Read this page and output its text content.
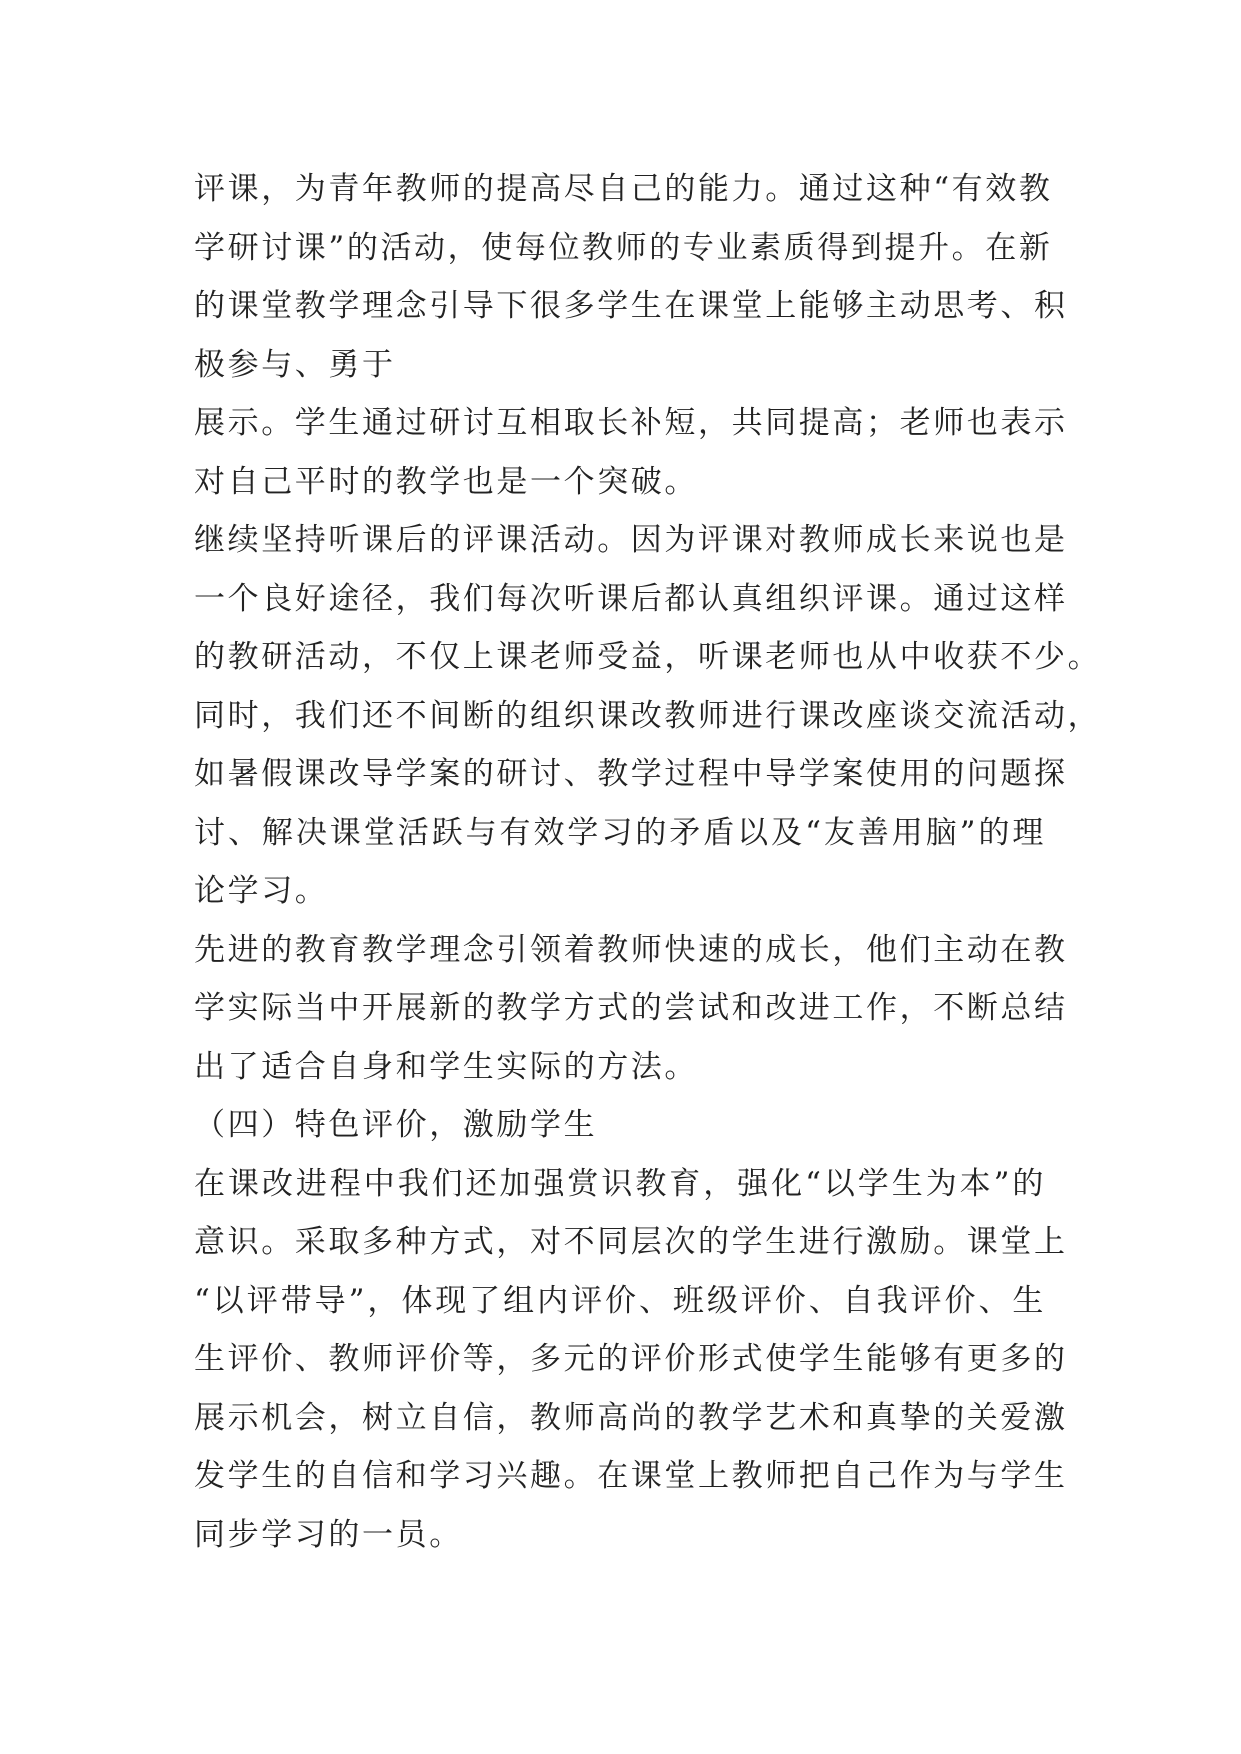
评课，为青年教师的提高尽自己的能力。通过这种“有效教
学研讨课”的活动，使每位教师的专业素质得到提升。在新
的课堂教学理念引导下很多学生在课堂上能够主动思考、积
极参与、勇于
展示。学生通过研讨互相取长补短，共同提高；老师也表示
对自己平时的教学也是一个突破。
继续坚持听课后的评课活动。因为评课对教师成长来说也是
一个良好途径，我们每次听课后都认真组织评课。通过这样
的教研活动，不仅上课老师受益，听课老师也从中收获不少。
同时，我们还不间断的组织课改教师进行课改座谈交流活动，
如暑假课改导学案的研讨、教学过程中导学案使用的问题探
讨、解决课堂活跃与有效学习的矛盾以及“友善用脑”的理
论学习。
先进的教育教学理念引领着教师快速的成长，他们主动在教
学实际当中开展新的教学方式的尝试和改进工作，不断总结
出了适合自身和学生实际的方法。
（四）特色评价，激励学生
在课改进程中我们还加强赏识教育，强化“以学生为本”的
意识。采取多种方式，对不同层次的学生进行激励。课堂上
“以评带导”，体现了组内评价、班级评价、自我评价、生
生评价、教师评价等，多元的评价形式使学生能够有更多的
展示机会，树立自信，教师高尚的教学艺术和真挚的关爱激
发学生的自信和学习兴趣。在课堂上教师把自己作为与学生
同步学习的一员。
